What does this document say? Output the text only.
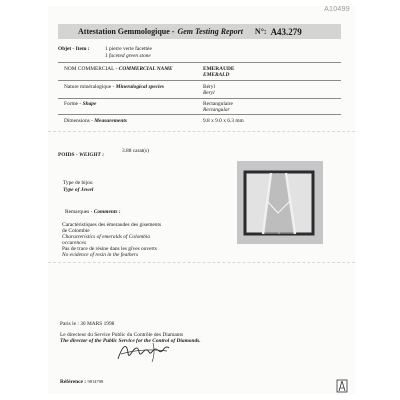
A10499
Attestation Gemmologique - Gem Testing Report N°: A43.279
Objet - Item :	1 pierre verte facettée
1 faceted green stone
NOM COMMERCIAL - COMMERCIAL NAME	EMERAUDE
EMERALD
Nature minéralogique - Mineralogical species	Béryl
Beryl
Forme - Shape	Rectangulaire
Rectangular
Dimensions - Measurements	9.8 x 9.0 x 6.3 mm
POIDS - WEIGHT :
3.88 carat(s)
Type de bijou
Type of Jewel
Remarques - Comments :
Caractéristiques des émeraudes des gisements
de Colombie
Characteristics of emeralds of Colombia
occurences
Pas de trace de résine dans les gîves ouverts
No evidence of resin in the feathers
Paris le : 30 MARS 1998
Le directeur du Service Public du Contrôle des Diamants
The director of the Public Service for the Control of Diamonds.
Référence : 9814708
